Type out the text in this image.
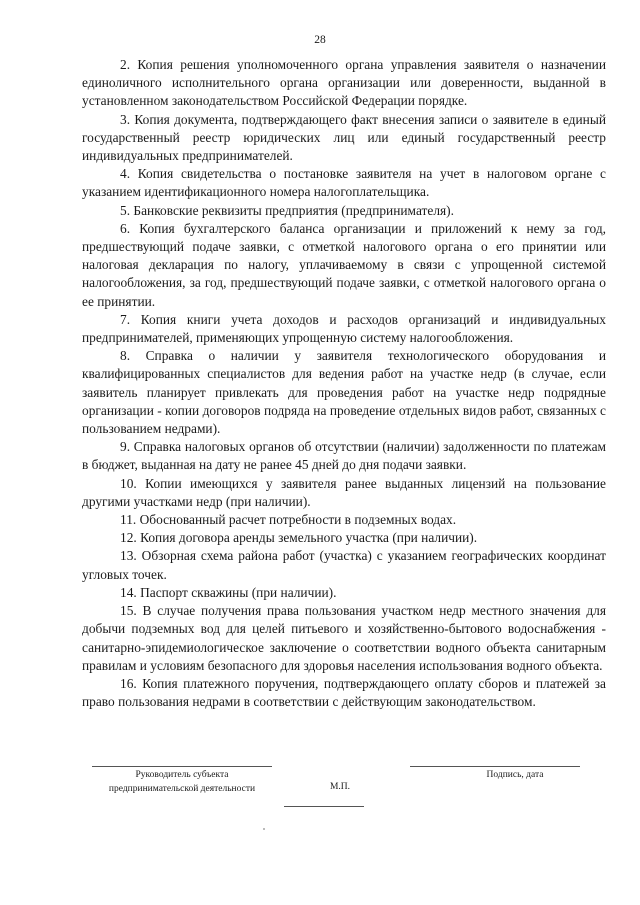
28

2. Копия решения уполномоченного органа управления заявителя о назначении единоличного исполнительного органа организации или доверенности, выданной в установленном законодательством Российской Федерации порядке.

3. Копия документа, подтверждающего факт внесения записи о заявителе в единый государственный реестр юридических лиц или единый государственный реестр индивидуальных предпринимателей.

4. Копия свидетельства о постановке заявителя на учет в налоговом органе с указанием идентификационного номера налогоплательщика.

5. Банковские реквизиты предприятия (предпринимателя).

6. Копия бухгалтерского баланса организации и приложений к нему за год, предшествующий подаче заявки, с отметкой налогового органа о его принятии или налоговая декларация по налогу, уплачиваемому в связи с упрощенной системой налогообложения, за год, предшествующий подаче заявки, с отметкой налогового органа о ее принятии.

7. Копия книги учета доходов и расходов организаций и индивидуальных предпринимателей, применяющих упрощенную систему налогообложения.

8. Справка о наличии у заявителя технологического оборудования и квалифицированных специалистов для ведения работ на участке недр (в случае, если заявитель планирует привлекать для проведения работ на участке недр подрядные организации - копии договоров подряда на проведение отдельных видов работ, связанных с пользованием недрами).

9. Справка налоговых органов об отсутствии (наличии) задолженности по платежам в бюджет, выданная на дату не ранее 45 дней до дня подачи заявки.

10. Копии имеющихся у заявителя ранее выданных лицензий на пользование другими участками недр (при наличии).

11. Обоснованный расчет потребности в подземных водах.

12. Копия договора аренды земельного участка (при наличии).

13. Обзорная схема района работ (участка) с указанием географических координат угловых точек.

14. Паспорт скважины (при наличии).

15. В случае получения права пользования участком недр местного значения для добычи подземных вод для целей питьевого и хозяйственно-бытового водоснабжения - санитарно-эпидемиологическое заключение о соответствии водного объекта санитарным правилам и условиям безопасного для здоровья населения использования водного объекта.

16. Копия платежного поручения, подтверждающего оплату сборов и платежей за право пользования недрами в соответствии с действующим законодательством.

Руководитель субъекта
предпринимательской деятельности	М.П.
Подпись, дата
